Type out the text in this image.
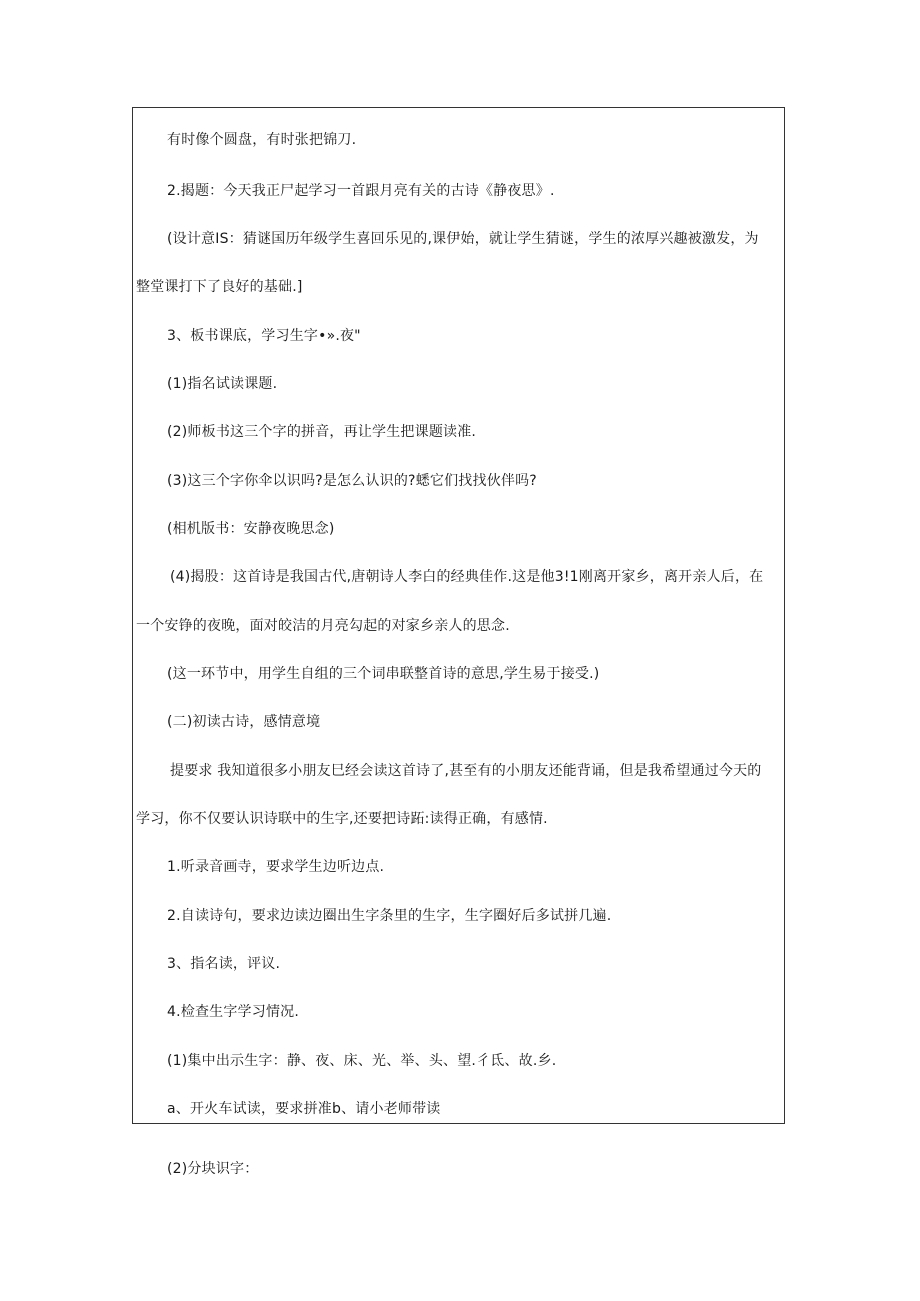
有时像个圆盘，有时张把锦刀.
2.揭题：今天我正尸起学习一首跟月亮有关的古诗《静夜思》.
(设计意IS：猜谜国历年级学生喜回乐见的,课伊始，就让学生猜谜，学生的浓厚兴趣被激发，为
整堂课打下了良好的基础.]
3、板书课底，学习生字•».夜"
(1)指名试读课题.
(2)师板书这三个字的拼音，再让学生把课题读准.
(3)这三个字你伞以识吗?是怎么认识的?蟋它们找找伙伴吗?
(相机版书：安静夜晚思念)
(4)揭股：这首诗是我国古代,唐朝诗人李白的经典佳作.这是他3!1刚离开家乡，离开亲人后，在
一个安铮的夜晚，面对皎洁的月亮勾起的对家乡亲人的思念.
(这一环节中，用学生自组的三个词串联整首诗的意思,学生易于接受.)
(二)初读古诗，感情意境
提要求 我知道很多小朋友巳经会读这首诗了,甚至有的小朋友还能背诵，但是我希望通过今天的
学习，你不仅要认识诗联中的生字,还要把诗跖:读得正确，有感情.
1.听录音画寺，要求学生边听边点.
2.自读诗句，要求边读边圈出生字条里的生字，生字圈好后多试拼几遍.
3、指名读，评议.
4.检查生字学习情况.
(1)集中出示生字：静、夜、床、光、举、头、望.彳氐、故.乡.
a、开火车试读，要求拼准b、请小老师带读
(2)分块识字：
